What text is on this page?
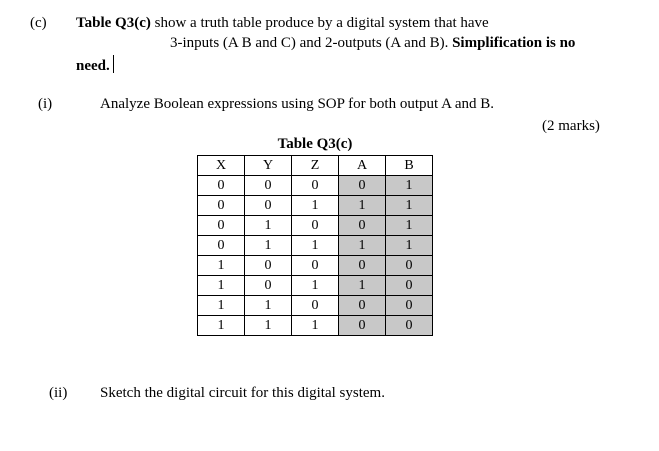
(c) Table Q3(c) show a truth table produce by a digital system that have
3-inputs (A B and C) and 2-outputs (A and B). Simplification is no
need.
(i)	Analyze Boolean expressions using SOP for both output A and B.
(2 marks)
Table Q3(c)
X	Y	Z	A	B
0	0	0	0	1
0	0	1	1	1
0	1	0	0	1
0	1	1	1	1
1	0	0	0	0
1	0	1	1	0
1	1	0	0	0
1	1	1	0	0
(ii) Sketch the digital circuit for this digital system.
